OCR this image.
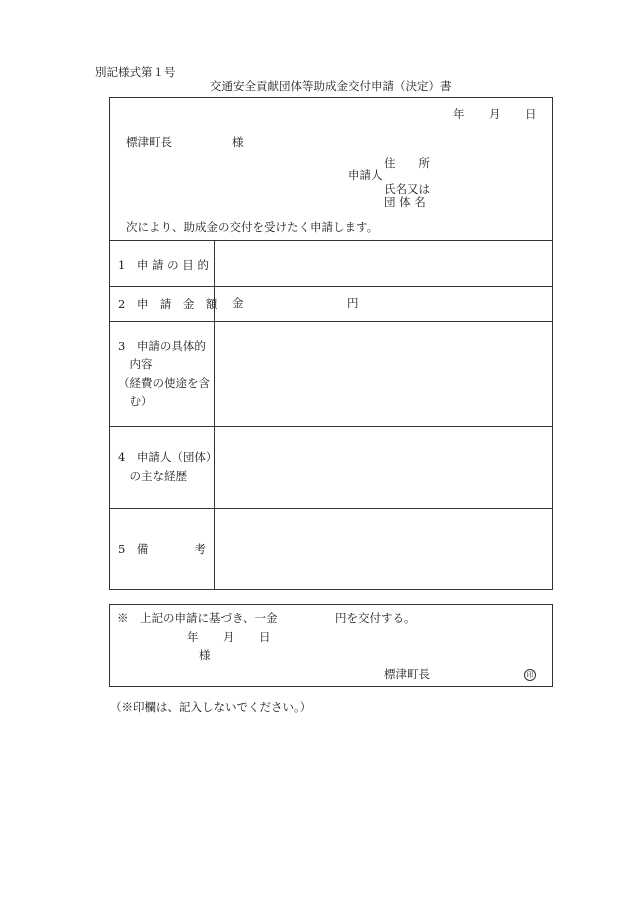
別記様式第１号
交通安全貢献団体等助成金交付申請（決定）書
年 月 日
標津町長	様
住　　所
申請人
氏名又は
団 体 名
次により、助成金の交付を受けたく申請します。
1　申 請 の 目 的
2　申　請　金　額 金　　　　　　　　　円
3　申請の具体的
　内容
（経費の使途を含
　む）
4　申請人（団体）
　の主な経歴
5　備　　　　考
※　上記の申請に基づき、一金　　　　　円を交付する。
年 月 日
様
標津町長	印
（※印欄は、記入しないでください。）
